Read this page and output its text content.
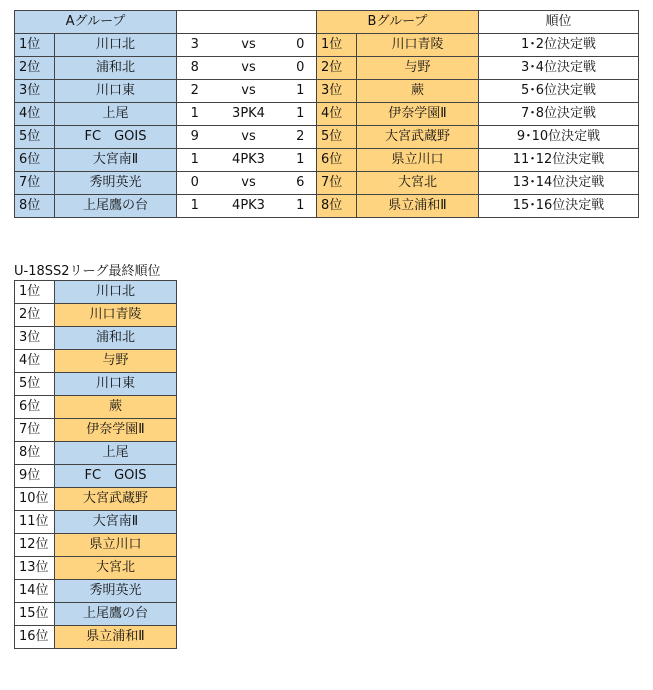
Aグループ					Bグループ		順位
1位	川口北	3	vs	0	1位	川口青陵	1･2位決定戦
2位	浦和北	8	vs	0	2位	与野	3･4位決定戦
3位	川口東	2	vs	1	3位	蕨	5･6位決定戦
4位	上尾	1	3PK4	1	4位	伊奈学園Ⅱ	7･8位決定戦
5位	FC　GOIS	9	vs	2	5位	大宮武蔵野	9･10位決定戦
6位	大宮南Ⅱ	1	4PK3	1	6位	県立川口	11･12位決定戦
7位	秀明英光	0	vs	6	7位	大宮北	13･14位決定戦
8位	上尾鷹の台	1	4PK3	1	8位	県立浦和Ⅱ	15･16位決定戦
U-18SS2リーグ最終順位
1位	川口北
2位	川口青陵
3位	浦和北
4位	与野
5位	川口東
6位	蕨
7位	伊奈学園Ⅱ
8位	上尾
9位	FC　GOIS
10位	大宮武蔵野
11位	大宮南Ⅱ
12位	県立川口
13位	大宮北
14位	秀明英光
15位	上尾鷹の台
16位	県立浦和Ⅱ
